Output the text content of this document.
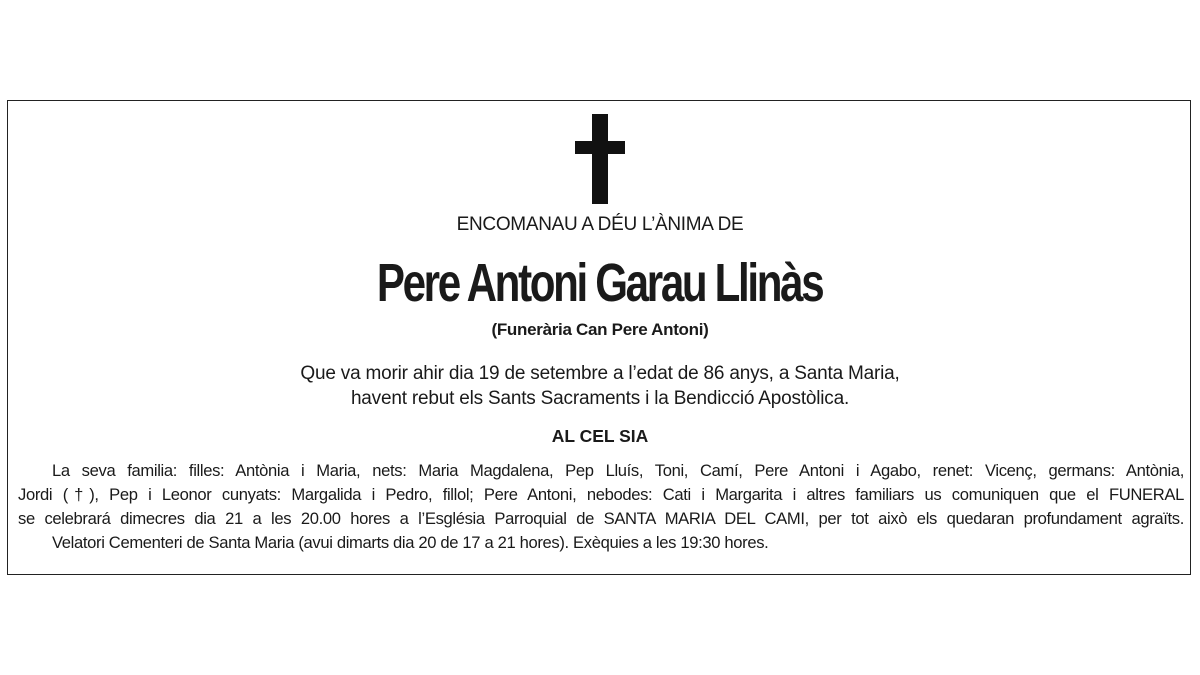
ENCOMANAU A DÉU L’ÀNIMA DE
Pere Antoni Garau Llinàs
(Funerària Can Pere Antoni)
Que va morir ahir dia 19 de setembre a l’edat de 86 anys, a Santa Maria,
havent rebut els Sants Sacraments i la Bendicció Apostòlica.
AL CEL SIA
La seva familia: filles: Antònia i Maria, nets: Maria Magdalena, Pep Lluís, Toni, Camí, Pere Antoni i Agabo, renet: Vicenç, germans: Antònia,
Jordi (†), Pep i Leonor cunyats: Margalida i Pedro, fillol; Pere Antoni, nebodes: Cati i Margarita i altres familiars us comuniquen que el FUNERAL
se celebrará dimecres dia 21 a les 20.00 hores a l’Església Parroquial de SANTA MARIA DEL CAMI, per tot això els quedaran profundament agraïts.
Velatori Cementeri de Santa Maria (avui dimarts dia 20 de 17 a 21 hores). Exèquies a les 19:30 hores.
